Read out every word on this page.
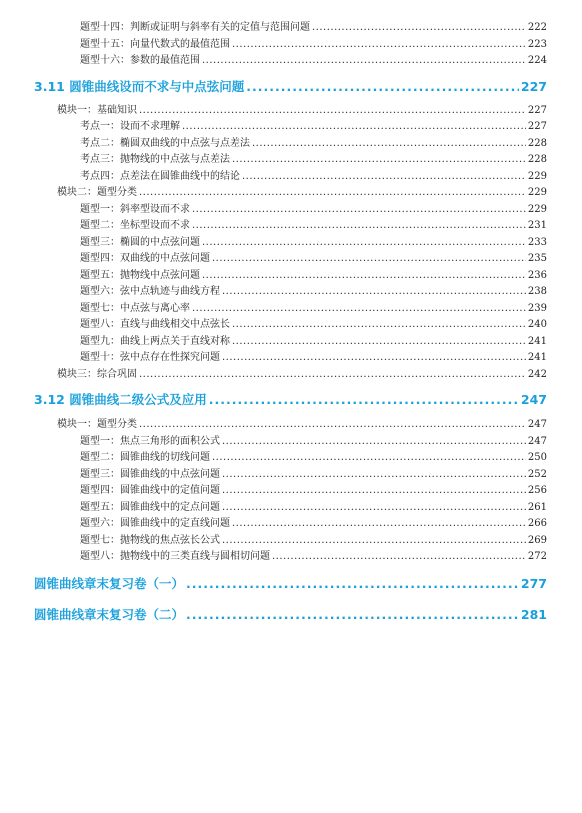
题型十四：判断或证明与斜率有关的定值与范围问题 .....	222
题型十五：向量代数式的最值范围 .....	223
题型十六：参数的最值范围 .....	224
3.11 圆锥曲线设而不求与中点弦问题 .....	227
模块一：基础知识 .....	227
考点一：设而不求理解 .....	227
考点二：椭圆双曲线的中点弦与点差法 .....	228
考点三：抛物线的中点弦与点差法 .....	228
考点四：点差法在圆锥曲线中的结论 .....	229
模块二：题型分类 .....	229
题型一：斜率型设而不求 .....	229
题型二：坐标型设而不求 .....	231
题型三：椭圆的中点弦问题 .....	233
题型四：双曲线的中点弦问题 .....	235
题型五：抛物线中点弦问题 .....	236
题型六：弦中点轨迹与曲线方程 .....	238
题型七：中点弦与离心率 .....	239
题型八：直线与曲线相交中点弦长 .....	240
题型九：曲线上两点关于直线对称 .....	241
题型十：弦中点存在性探究问题 .....	241
模块三：综合巩固 .....	242
3.12 圆锥曲线二级公式及应用 .....	247
模块一：题型分类 .....	247
题型一：焦点三角形的面积公式 .....	247
题型二：圆锥曲线的切线问题 .....	250
题型三：圆锥曲线的中点弦问题 .....	252
题型四：圆锥曲线中的定值问题 .....	256
题型五：圆锥曲线中的定点问题 .....	261
题型六：圆锥曲线中的定直线问题 .....	266
题型七：抛物线的焦点弦长公式 .....	269
题型八：抛物线中的三类直线与圆相切问题 .....	272
圆锥曲线章末复习卷（一） .....	277
圆锥曲线章末复习卷（二） .....	281
